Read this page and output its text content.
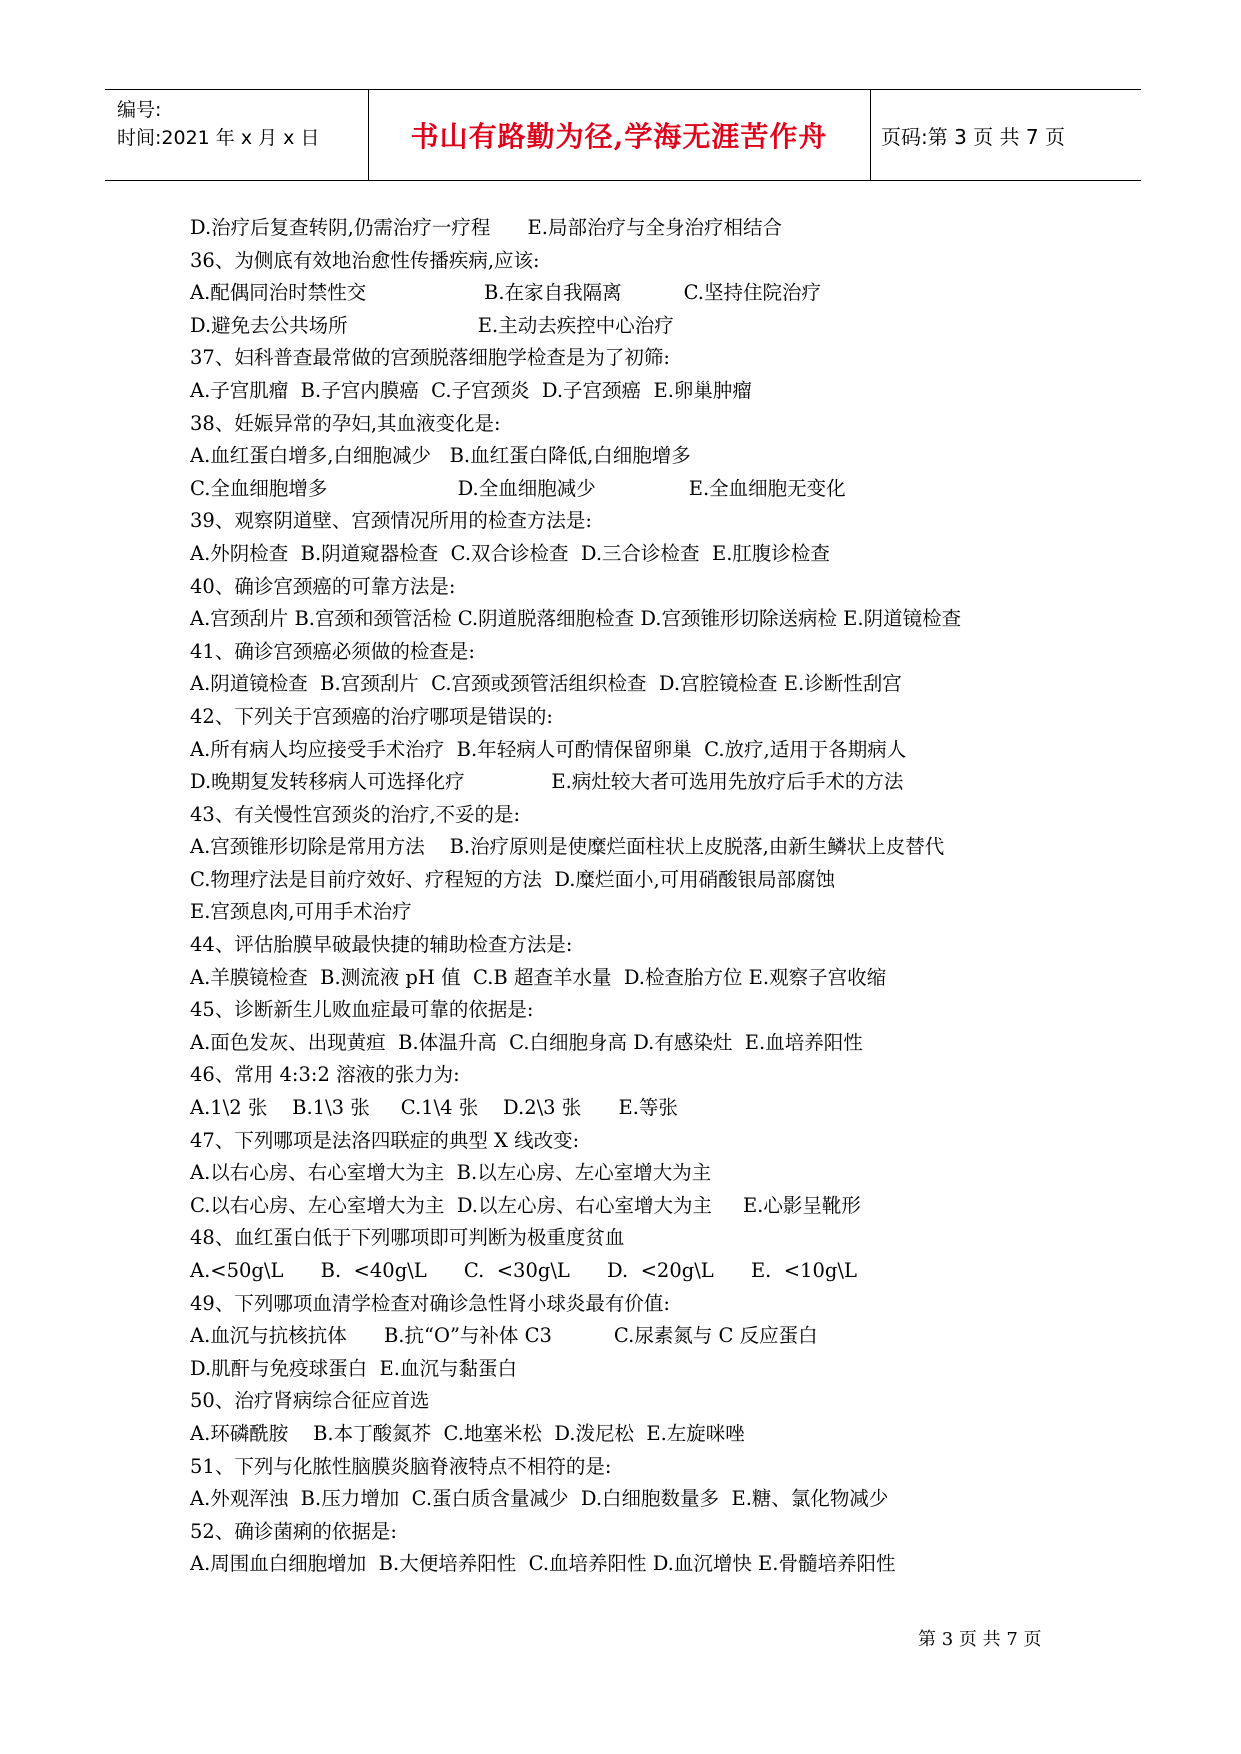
编号:
时间:2021 年 x 月 x 日	书山有路勤为径,学海无涯苦作舟	页码:第 3 页 共 7 页
D.治疗后复查转阴,仍需治疗一疗程      E.局部治疗与全身治疗相结合
36、为侧底有效地治愈性传播疾病,应该:
A.配偶同治时禁性交                   B.在家自我隔离          C.坚持住院治疗
D.避免去公共场所                     E.主动去疾控中心治疗
37、妇科普查最常做的宫颈脱落细胞学检查是为了初筛:
A.子宫肌瘤  B.子宫内膜癌  C.子宫颈炎  D.子宫颈癌  E.卵巢肿瘤
38、妊娠异常的孕妇,其血液变化是:
A.血红蛋白增多,白细胞减少   B.血红蛋白降低,白细胞增多
C.全血细胞增多                     D.全血细胞减少               E.全血细胞无变化
39、观察阴道壁、宫颈情况所用的检查方法是:
A.外阴检查  B.阴道窥器检查  C.双合诊检查  D.三合诊检查  E.肛腹诊检查
40、确诊宫颈癌的可靠方法是:
A.宫颈刮片 B.宫颈和颈管活检 C.阴道脱落细胞检查 D.宫颈锥形切除送病检 E.阴道镜检查
41、确诊宫颈癌必须做的检查是:
A.阴道镜检查  B.宫颈刮片  C.宫颈或颈管活组织检查  D.宫腔镜检查 E.诊断性刮宫
42、下列关于宫颈癌的治疗哪项是错误的:
A.所有病人均应接受手术治疗  B.年轻病人可酌情保留卵巢  C.放疗,适用于各期病人
D.晚期复发转移病人可选择化疗              E.病灶较大者可选用先放疗后手术的方法
43、有关慢性宫颈炎的治疗,不妥的是:
A.宫颈锥形切除是常用方法    B.治疗原则是使糜烂面柱状上皮脱落,由新生鳞状上皮替代
C.物理疗法是目前疗效好、疗程短的方法  D.糜烂面小,可用硝酸银局部腐蚀
E.宫颈息肉,可用手术治疗
44、评估胎膜早破最快捷的辅助检查方法是:
A.羊膜镜检查  B.测流液 pH 值  C.B 超查羊水量  D.检查胎方位 E.观察子宫收缩
45、诊断新生儿败血症最可靠的依据是:
A.面色发灰、出现黄疸  B.体温升高  C.白细胞身高 D.有感染灶  E.血培养阳性
46、常用 4:3:2 溶液的张力为:
A.1\2 张    B.1\3 张     C.1\4 张    D.2\3 张      E.等张
47、下列哪项是法洛四联症的典型 X 线改变:
A.以右心房、右心室增大为主  B.以左心房、左心室增大为主
C.以右心房、左心室增大为主  D.以左心房、右心室增大为主     E.心影呈靴形
48、血红蛋白低于下列哪项即可判断为极重度贫血
A.<50g\L      B.  <40g\L      C.  <30g\L      D.  <20g\L      E.  <10g\L
49、下列哪项血清学检查对确诊急性肾小球炎最有价值:
A.血沉与抗核抗体      B.抗“O”与补体 C3          C.尿素氮与 C 反应蛋白
D.肌酐与免疫球蛋白  E.血沉与黏蛋白
50、治疗肾病综合征应首选
A.环磷酰胺    B.本丁酸氮芥  C.地塞米松  D.泼尼松  E.左旋咪唑
51、下列与化脓性脑膜炎脑脊液特点不相符的是:
A.外观浑浊  B.压力增加  C.蛋白质含量减少  D.白细胞数量多  E.糖、氯化物减少
52、确诊菌痢的依据是:
A.周围血白细胞增加  B.大便培养阳性  C.血培养阳性 D.血沉增快 E.骨髓培养阳性
第 3 页 共 7 页
